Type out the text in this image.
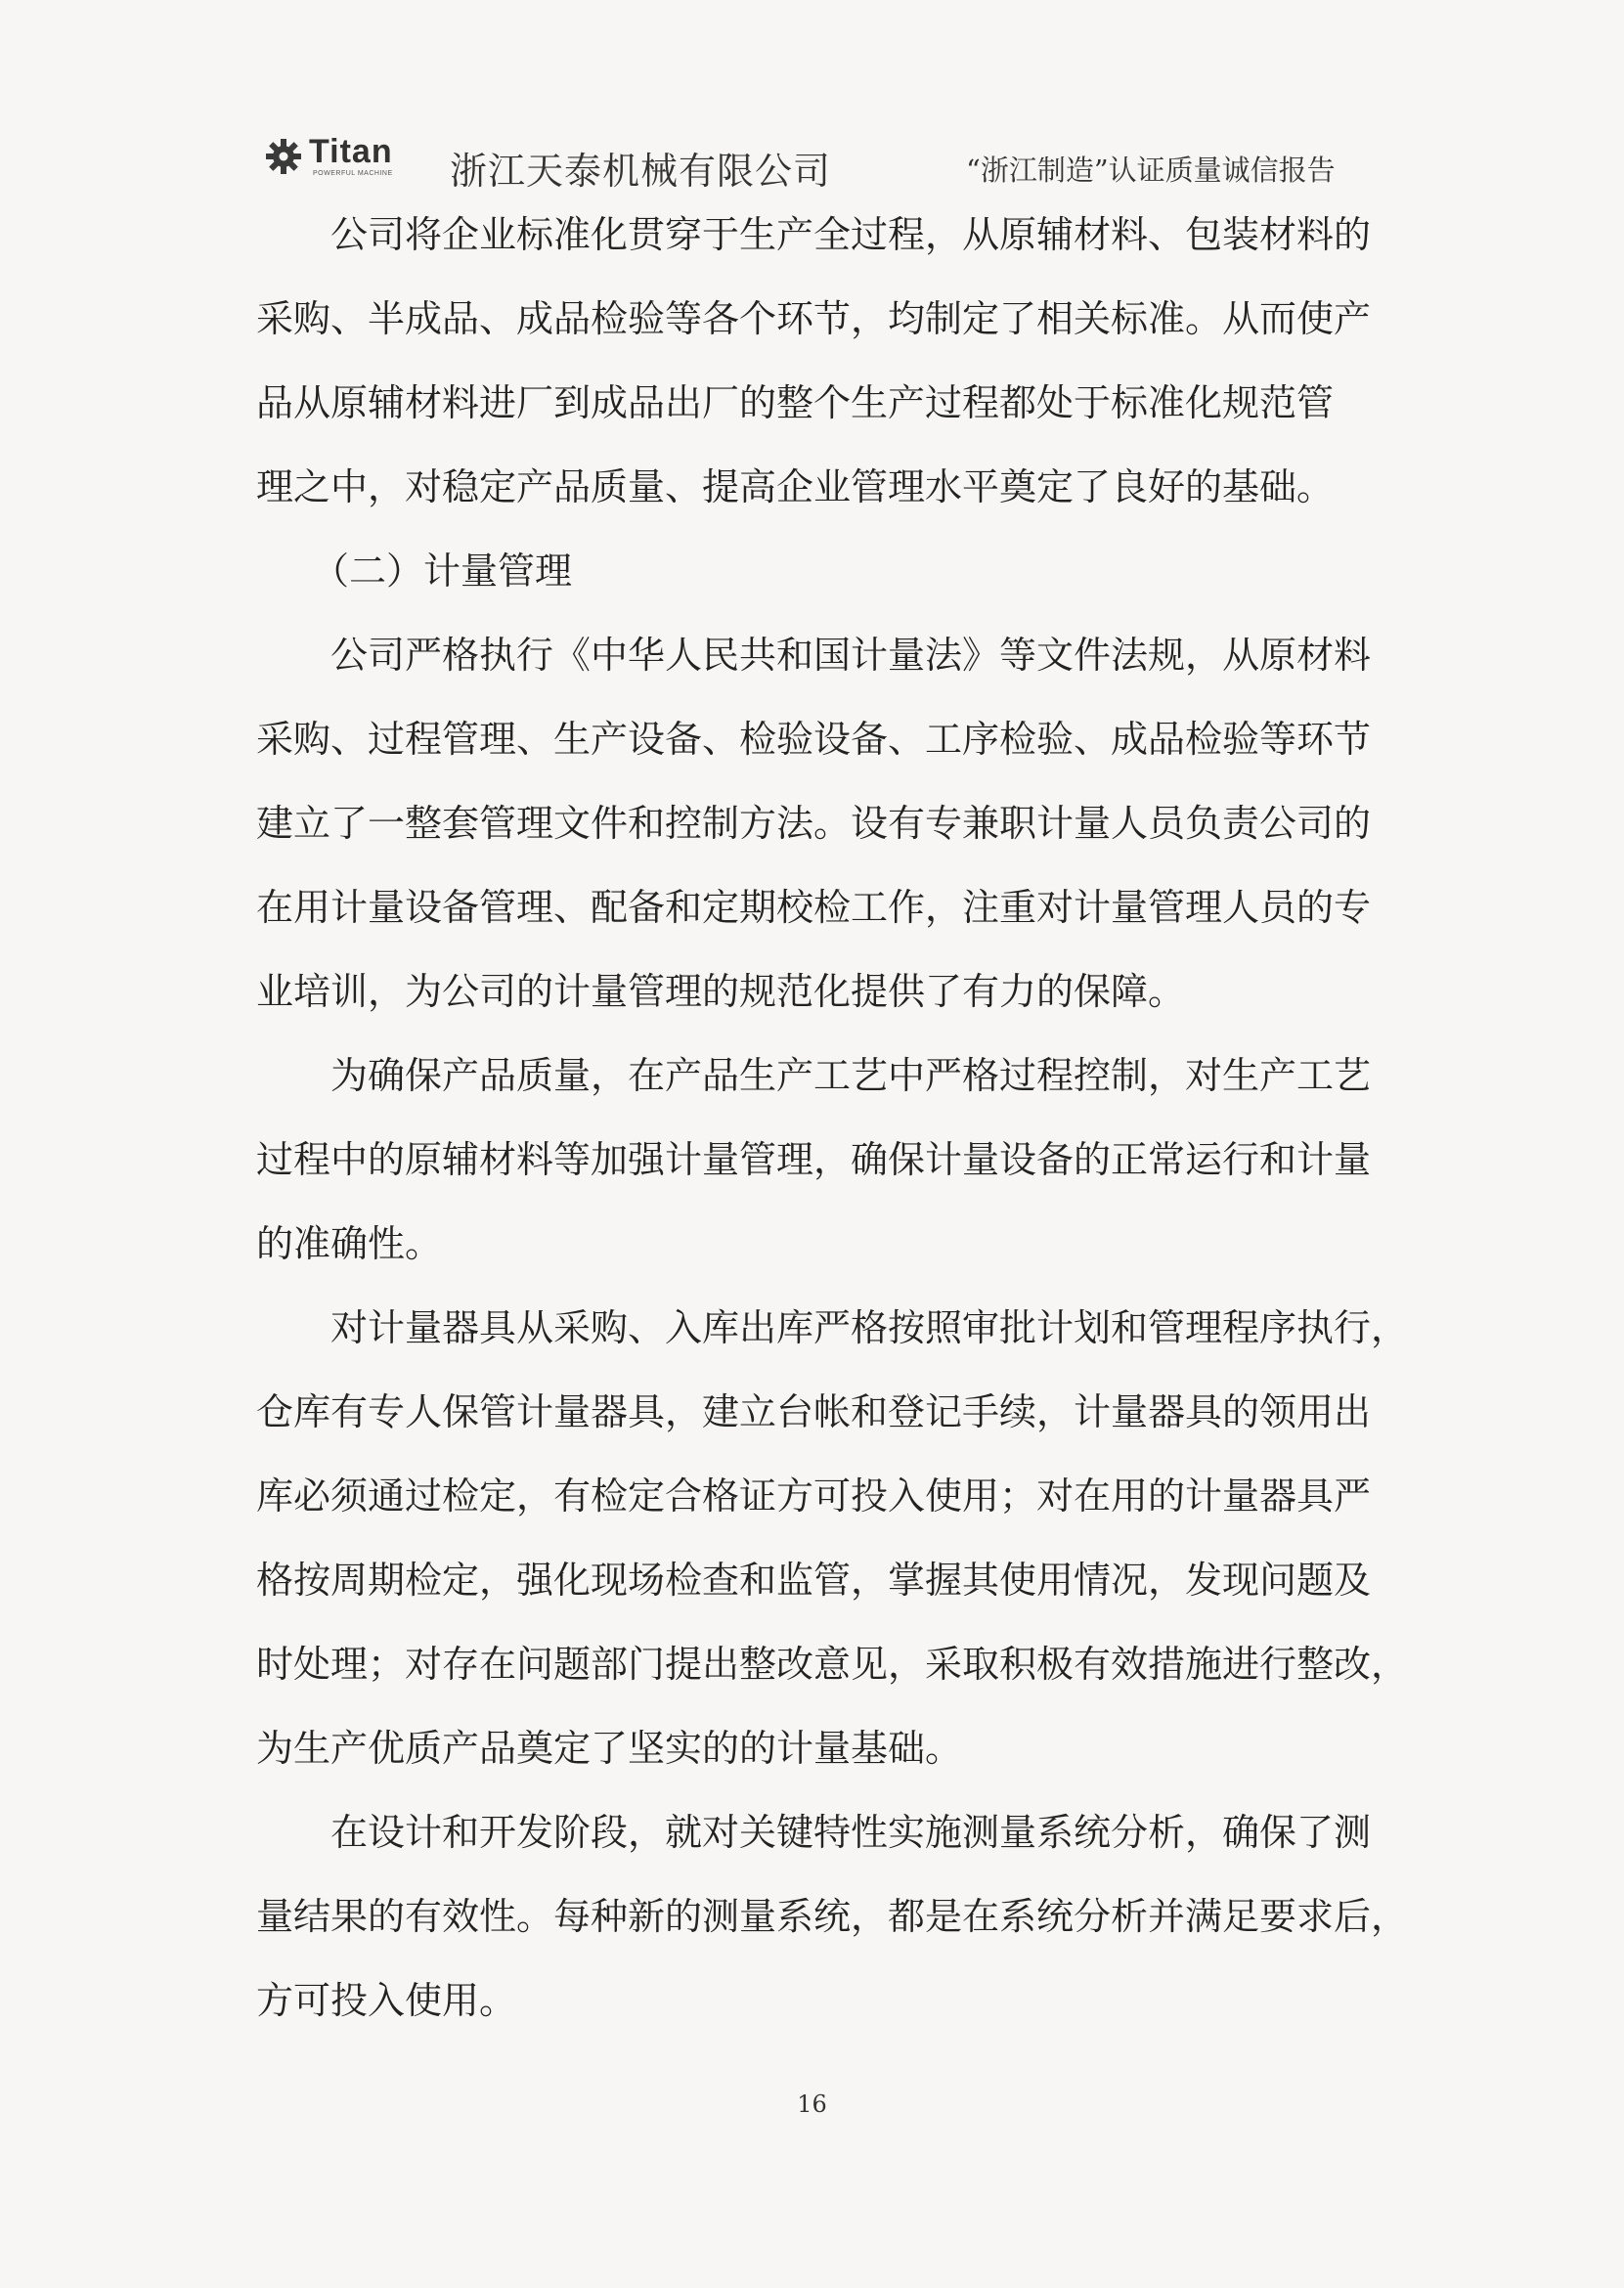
Titan
POWERFUL MACHINE 浙江天泰机械有限公司	“浙江制造”认证质量诚信报告
　　公司将企业标准化贯穿于生产全过程，从原辅材料、包装材料的
采购、半成品、成品检验等各个环节，均制定了相关标准。从而使产
品从原辅材料进厂到成品出厂的整个生产过程都处于标准化规范管
理之中，对稳定产品质量、提高企业管理水平奠定了良好的基础。
　　（二）计量管理
　　公司严格执行《中华人民共和国计量法》等文件法规，从原材料
采购、过程管理、生产设备、检验设备、工序检验、成品检验等环节
建立了一整套管理文件和控制方法。设有专兼职计量人员负责公司的
在用计量设备管理、配备和定期校检工作，注重对计量管理人员的专
业培训，为公司的计量管理的规范化提供了有力的保障。
　　为确保产品质量，在产品生产工艺中严格过程控制，对生产工艺
过程中的原辅材料等加强计量管理，确保计量设备的正常运行和计量
的准确性。
　　对计量器具从采购、入库出库严格按照审批计划和管理程序执行，
仓库有专人保管计量器具，建立台帐和登记手续，计量器具的领用出
库必须通过检定，有检定合格证方可投入使用；对在用的计量器具严
格按周期检定，强化现场检查和监管，掌握其使用情况，发现问题及
时处理；对存在问题部门提出整改意见，采取积极有效措施进行整改，
为生产优质产品奠定了坚实的的计量基础。
　　在设计和开发阶段，就对关键特性实施测量系统分析，确保了测
量结果的有效性。每种新的测量系统，都是在系统分析并满足要求后，
方可投入使用。
16
